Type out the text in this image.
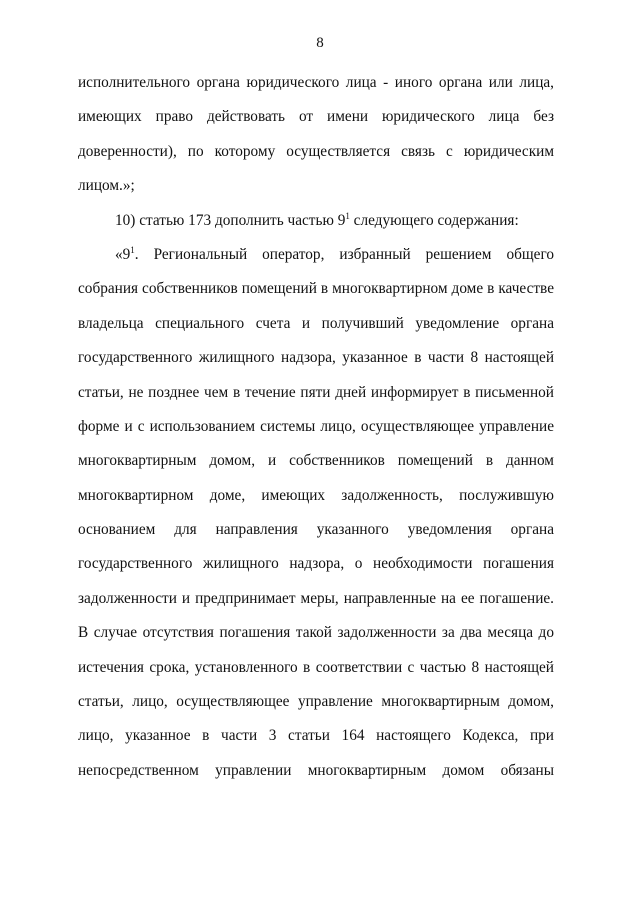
8
исполнительного органа юридического лица - иного органа или лица,
имеющих право действовать от имени юридического лица без
доверенности), по которому осуществляется связь с юридическим
лицом.»;
10) статью 173 дополнить частью $9^1$ следующего содержания:
«$9^1$. Региональный оператор, избранный решением общего
собрания собственников помещений в многоквартирном доме в качестве
владельца специального счета и получивший уведомление органа
государственного жилищного надзора, указанное в части 8 настоящей
статьи, не позднее чем в течение пяти дней информирует в письменной
форме и с использованием системы лицо, осуществляющее управление
многоквартирным домом, и собственников помещений в данном
многоквартирном доме, имеющих задолженность, послужившую
основанием для направления указанного уведомления органа
государственного жилищного надзора, о необходимости погашения
задолженности и предпринимает меры, направленные на ее погашение.
В случае отсутствия погашения такой задолженности за два месяца до
истечения срока, установленного в соответствии с частью 8 настоящей
статьи, лицо, осуществляющее управление многоквартирным домом,
лицо, указанное в части 3 статьи 164 настоящего Кодекса, при
непосредственном управлении многоквартирным домом обязаны
